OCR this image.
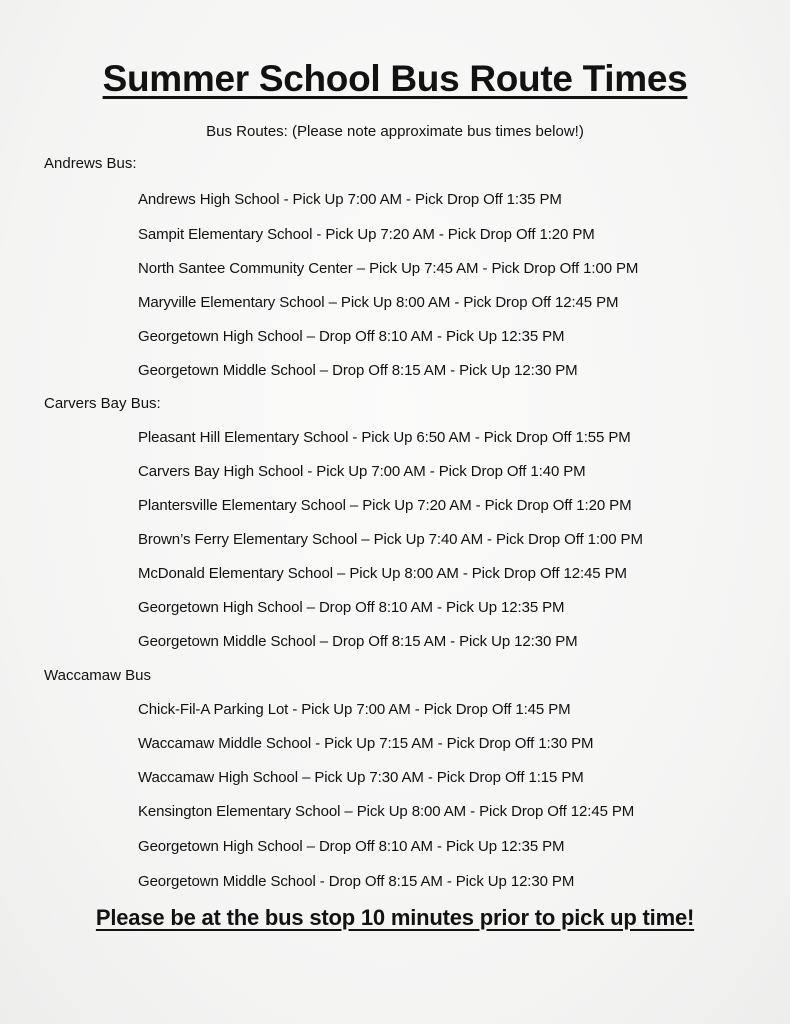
Summer School Bus Route Times
Bus Routes: (Please note approximate bus times below!)
Andrews Bus:
Andrews High School - Pick Up 7:00 AM - Pick Drop Off 1:35 PM
Sampit Elementary School - Pick Up 7:20 AM - Pick Drop Off 1:20 PM
North Santee Community Center – Pick Up 7:45 AM - Pick Drop Off 1:00 PM
Maryville Elementary School – Pick Up 8:00 AM - Pick Drop Off 12:45 PM
Georgetown High School – Drop Off 8:10 AM - Pick Up 12:35 PM
Georgetown Middle School – Drop Off 8:15 AM - Pick Up 12:30 PM
Carvers Bay Bus:
Pleasant Hill Elementary School - Pick Up 6:50 AM - Pick Drop Off 1:55 PM
Carvers Bay High School - Pick Up 7:00 AM - Pick Drop Off 1:40 PM
Plantersville Elementary School – Pick Up 7:20 AM - Pick Drop Off 1:20 PM
Brown’s Ferry Elementary School – Pick Up 7:40 AM - Pick Drop Off 1:00 PM
McDonald Elementary School – Pick Up 8:00 AM - Pick Drop Off 12:45 PM
Georgetown High School – Drop Off 8:10 AM - Pick Up 12:35 PM
Georgetown Middle School – Drop Off 8:15 AM - Pick Up 12:30 PM
Waccamaw Bus
Chick-Fil-A Parking Lot - Pick Up 7:00 AM - Pick Drop Off 1:45 PM
Waccamaw Middle School - Pick Up 7:15 AM - Pick Drop Off 1:30 PM
Waccamaw High School – Pick Up 7:30 AM - Pick Drop Off 1:15 PM
Kensington Elementary School – Pick Up 8:00 AM - Pick Drop Off 12:45 PM
Georgetown High School – Drop Off 8:10 AM - Pick Up 12:35 PM
Georgetown Middle School - Drop Off 8:15 AM - Pick Up 12:30 PM
Please be at the bus stop 10 minutes prior to pick up time!
